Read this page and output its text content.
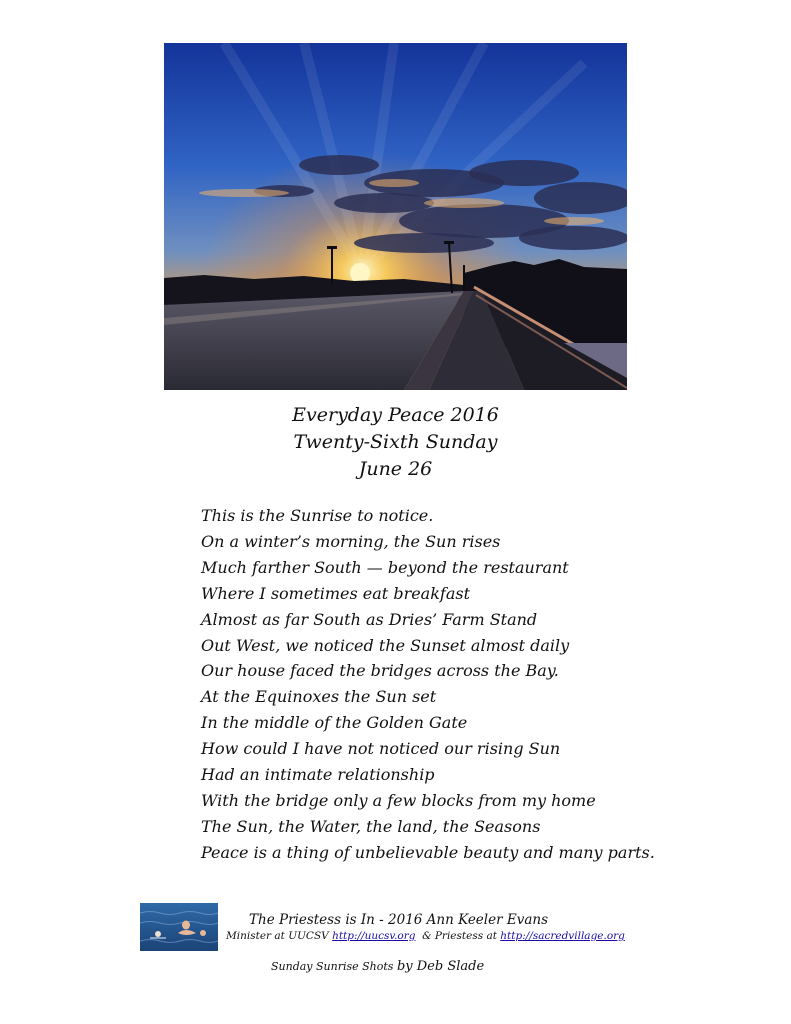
Everyday Peace 2016
Twenty-Sixth Sunday
June 26
This is the Sunrise to notice.
On a winter’s morning, the Sun rises
Much farther South — beyond the restaurant
Where I sometimes eat breakfast
Almost as far South as Dries’ Farm Stand
Out West, we noticed the Sunset almost daily
Our house faced the bridges across the Bay.
At the Equinoxes the Sun set
In the middle of the Golden Gate
How could I have not noticed our rising Sun
Had an intimate relationship
With the bridge only a few blocks from my home
The Sun, the Water, the land, the Seasons
Peace is a thing of unbelievable beauty and many parts.
The Priestess is In - 2016 Ann Keeler Evans
Minister at UUCSV http://uucsv.org  & Priestess at http://sacredvillage.org
Sunday Sunrise Shots by Deb Slade
